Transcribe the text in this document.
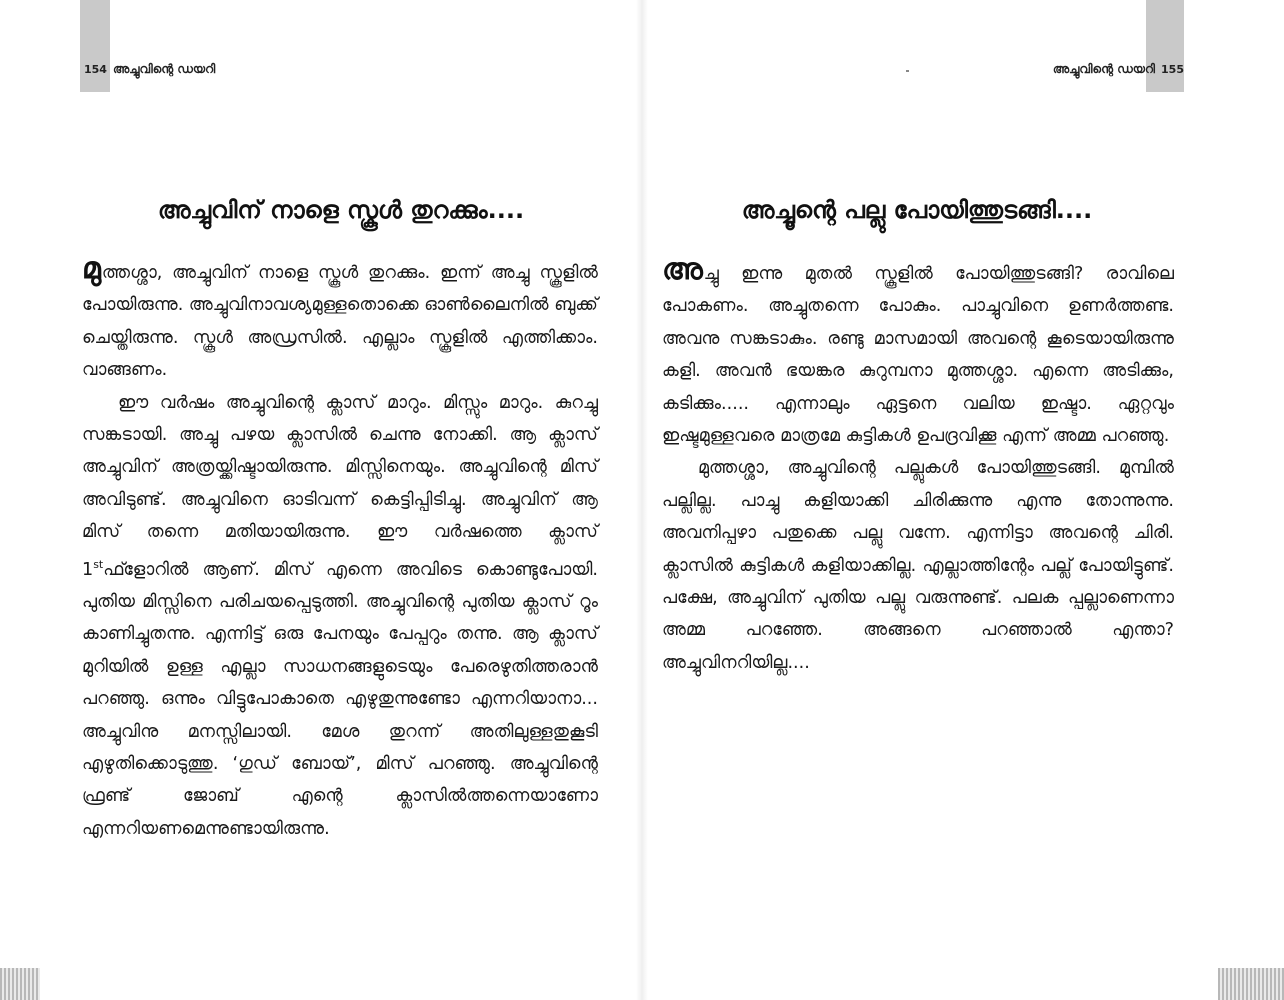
154 അച്ചുവിന്റെ ഡയറി
അച്ചുവിന് നാളെ സ്കൂൾ തുറക്കും....

മുത്തശ്ശാ, അച്ചുവിന് നാളെ സ്കൂൾ തുറക്കും. ഇന്ന് അച്ചു സ്കൂളിൽ പോയിരുന്നു. അച്ചുവിനാവശ്യമുള്ളതൊക്കെ ഓൺലൈനിൽ ബുക്ക് ചെയ്തിരുന്നു. സ്കൂൾ അഡ്രസിൽ. എല്ലാം സ്കൂളിൽ എത്തിക്കാം. വാങ്ങണം.

ഈ വർഷം അച്ചുവിന്റെ ക്ലാസ് മാറും. മിസ്സും മാറും. കുറച്ചു സങ്കടായി. അച്ചു പഴയ ക്ലാസിൽ ചെന്നു നോക്കി. ആ ക്ലാസ് അച്ചുവിന് അത്രയ്ക്കിഷ്ടായിരുന്നു. മിസ്സിനെയും. അച്ചുവിന്റെ മിസ് അവിടുണ്ട്. അച്ചുവിനെ ഓടിവന്ന് കെട്ടിപ്പിടിച്ചു. അച്ചുവിന് ആ മിസ് തന്നെ മതിയായിരുന്നു. ഈ വർഷത്തെ ക്ലാസ് 1stഫ്ളോറിൽ ആണ്. മിസ് എന്നെ അവിടെ കൊണ്ടുപോയി. പുതിയ മിസ്സിനെ പരിചയപ്പെടുത്തി. അച്ചുവിന്റെ പുതിയ ക്ലാസ് റൂം കാണിച്ചുതന്നു. എന്നിട്ട് ഒരു പേനയും പേപ്പറും തന്നു. ആ ക്ലാസ് മുറിയിൽ ഉള്ള എല്ലാ സാധനങ്ങളുടെയും പേരെഴുതിത്തരാൻ പറഞ്ഞു. ഒന്നും വിട്ടുപോകാതെ എഴുതുന്നുണ്ടോ എന്നറിയാനാ... അച്ചുവിനു മനസ്സിലായി. മേശ തുറന്ന് അതിലുള്ളതുകൂടി എഴുതിക്കൊടുത്തു. ‘ഗുഡ് ബോയ്’, മിസ് പറഞ്ഞു. അച്ചുവിന്റെ ഫ്രണ്ട് ജോബ് എന്റെ ക്ലാസിൽത്തന്നെയാണോ എന്നറിയണമെന്നുണ്ടായിരുന്നു.

അച്ചുവിന്റെ ഡയറി 155
അച്ചൂന്റെ പല്ലു പോയിത്തുടങ്ങി....

അച്ചു ഇന്നു മുതൽ സ്കൂളിൽ പോയിത്തുടങ്ങി? രാവിലെ പോകണം. അച്ചുതന്നെ പോകും. പാച്ചുവിനെ ഉണർത്തണ്ട. അവനു സങ്കടാകും. രണ്ടു മാസമായി അവന്റെ കൂടെയായിരുന്നു കളി. അവൻ ഭയങ്കര കുറുമ്പനാ മുത്തശ്ശാ. എന്നെ അടിക്കും, കടിക്കും..... എന്നാലും ഏട്ടനെ വലിയ ഇഷ്ടാ. ഏറ്റവും ഇഷ്ടമുള്ളവരെ മാത്രമേ കുട്ടികൾ ഉപദ്രവിക്കൂ എന്ന് അമ്മ പറഞ്ഞു.

മുത്തശ്ശാ, അച്ചുവിന്റെ പല്ലുകൾ പോയിത്തുടങ്ങി. മുമ്പിൽ പല്ലില്ല. പാച്ചു കളിയാക്കി ചിരിക്കുന്നു എന്നു തോന്നുന്നു. അവനിപ്പഴാ പതുക്കെ പല്ലു വന്നേ. എന്നിട്ടാ അവന്റെ ചിരി. ക്ലാസിൽ കുട്ടികൾ കളിയാക്കില്ല. എല്ലാത്തിന്റേം പല്ല് പോയിട്ടുണ്ട്. പക്ഷേ, അച്ചുവിന് പുതിയ പല്ലു വരുന്നുണ്ട്. പലക പ്പല്ലാണെന്നാ അമ്മ പറഞ്ഞേ. അങ്ങനെ പറഞ്ഞാൽ എന്താ? അച്ചുവിനറിയില്ല....
